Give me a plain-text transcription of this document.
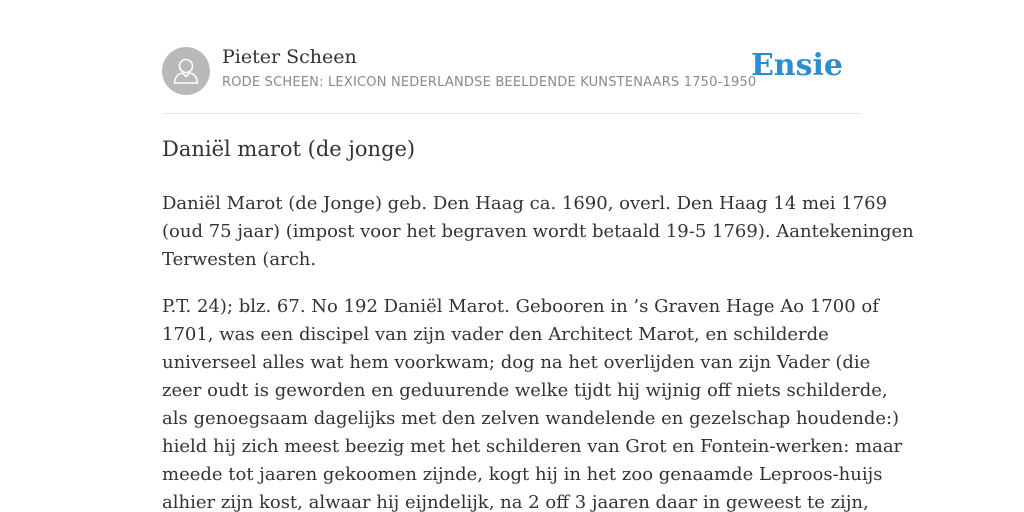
Pieter Scheen
RODE SCHEEN: LEXICON NEDERLANDSE BEELDENDE KUNSTENAARS 1750-1950
Ensie
Daniël marot (de jonge)

Daniël Marot (de Jonge) geb. Den Haag ca. 1690, overl. Den Haag 14 mei 1769
(oud 75 jaar) (impost voor het begraven wordt betaald 19-5 1769). Aantekeningen
Terwesten (arch.

P.T. 24); blz. 67. No 192 Daniël Marot. Gebooren in ’s Graven Hage Ao 1700 of
1701, was een discipel van zijn vader den Architect Marot, en schilderde
universeel alles wat hem voorkwam; dog na het overlijden van zijn Vader (die
zeer oudt is geworden en geduurende welke tijdt hij wijnig off niets schilderde,
als genoegsaam dagelijks met den zelven wandelende en gezelschap houdende:)
hield hij zich meest beezig met het schilderen van Grot en Fontein-werken: maar
meede tot jaaren gekoomen zijnde, kogt hij in het zoo genaamde Leproos-huijs
alhier zijn kost, alwaar hij eijndelijk, na 2 off 3 jaaren daar in geweest te zijn,
